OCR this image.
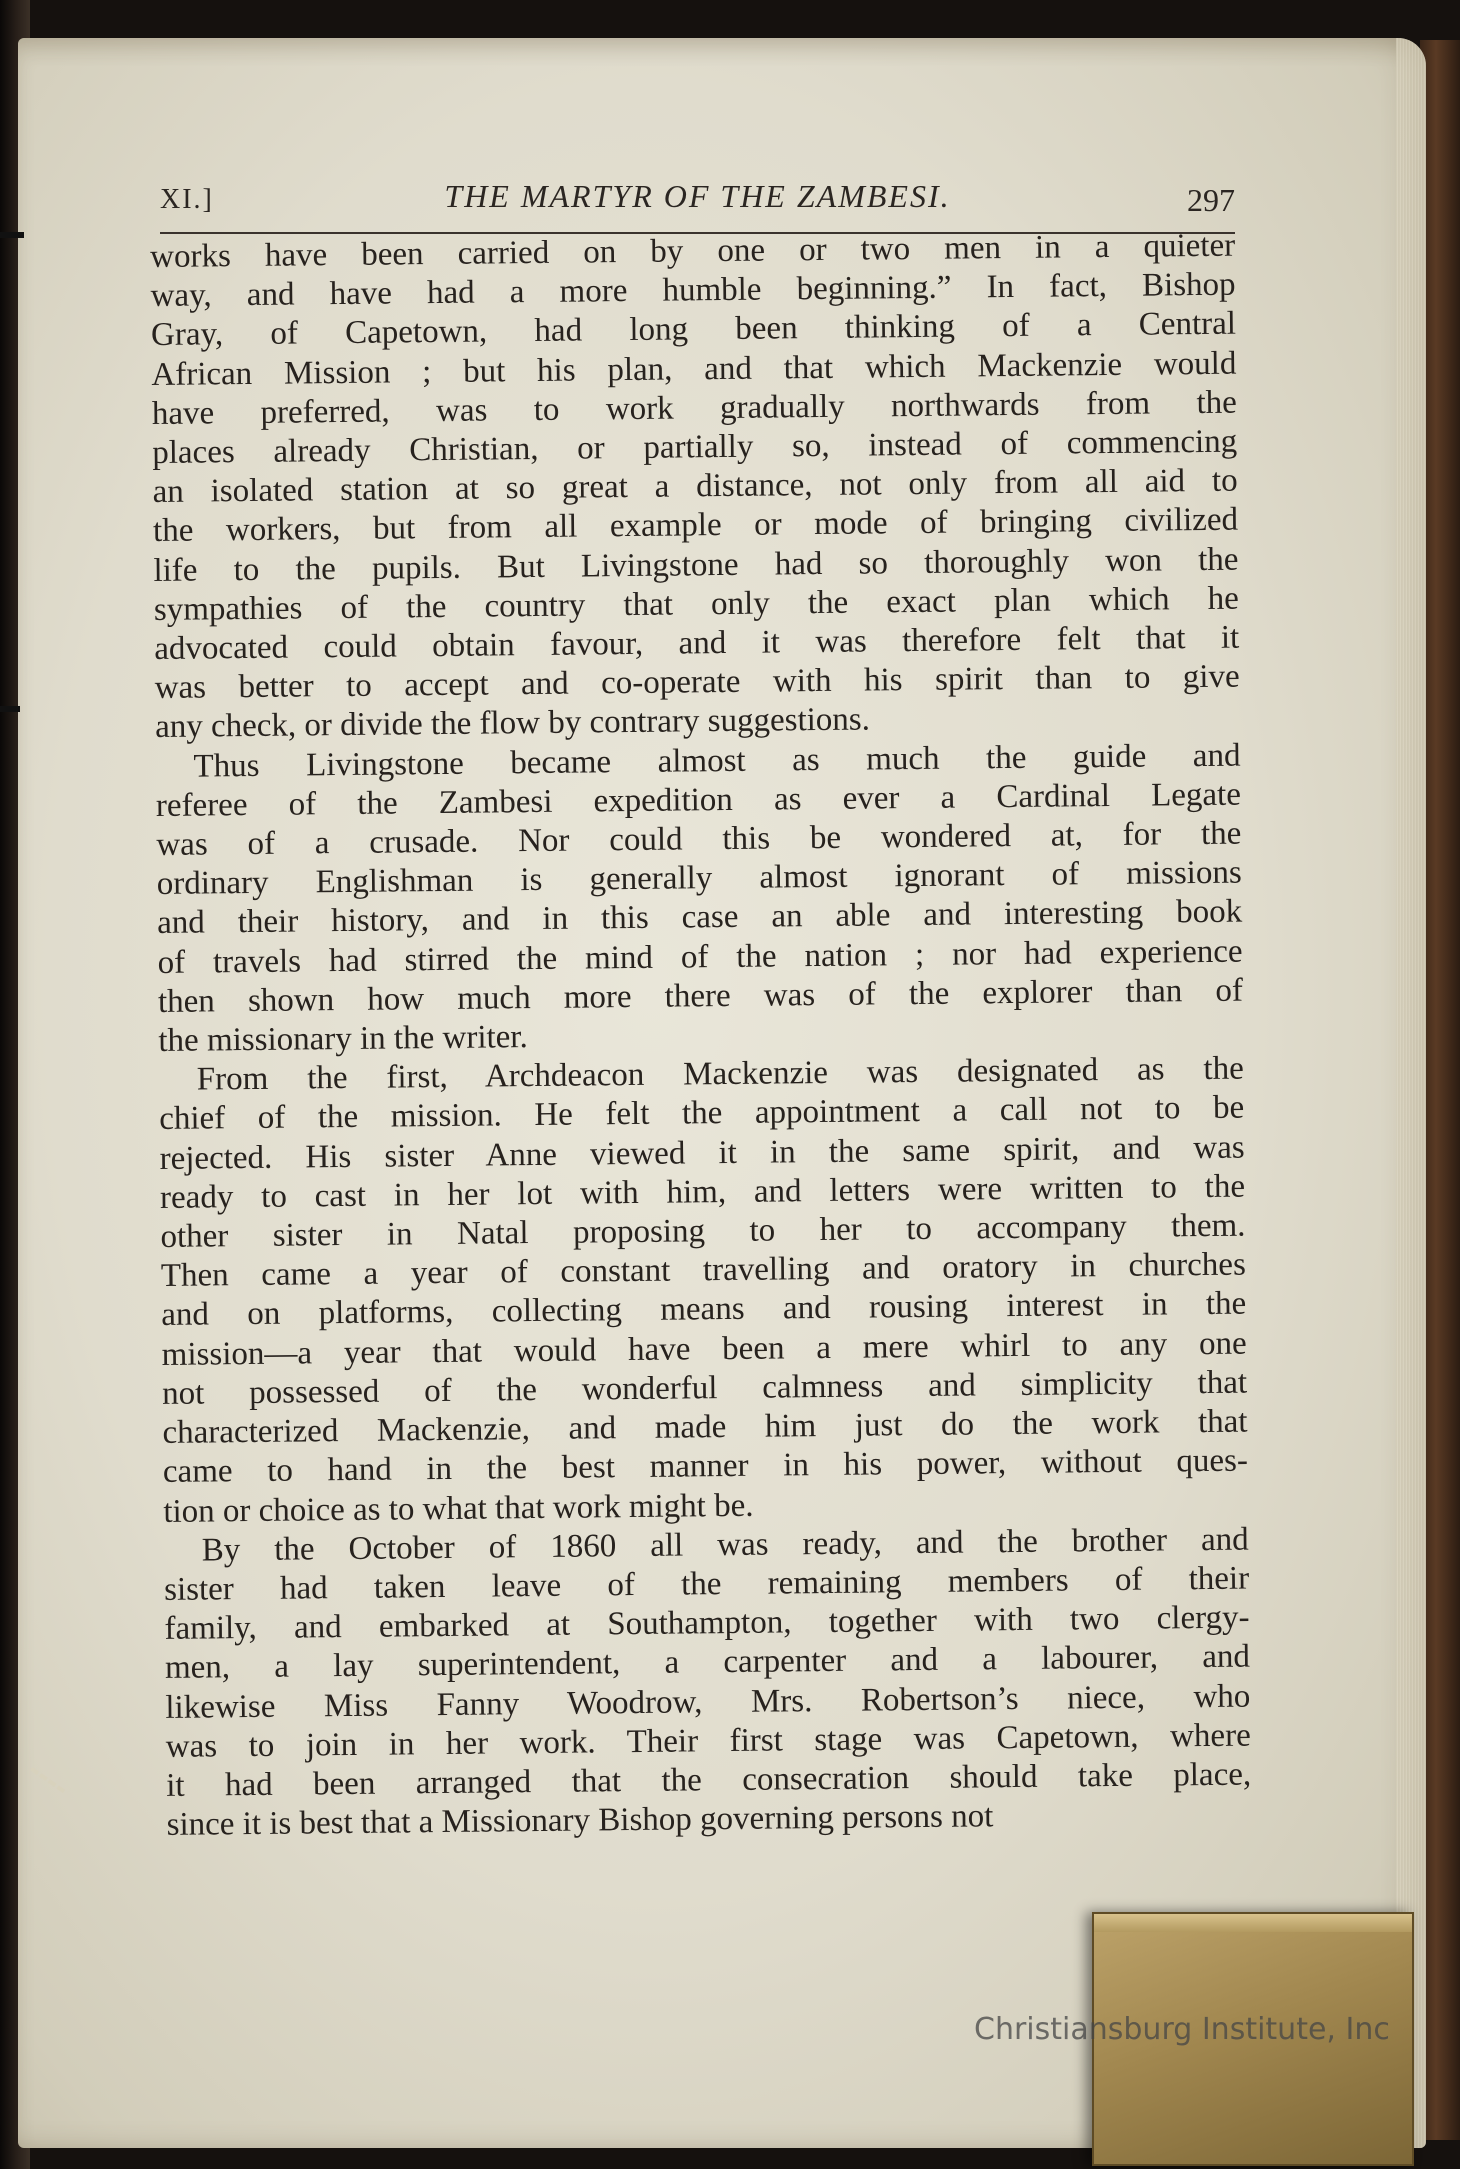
XI.]	THE MARTYR OF THE ZAMBESI.	297

works have been carried on by one or two men in a quieter
way, and have had a more humble beginning.” In fact, Bishop
Gray, of Capetown, had long been thinking of a Central
African Mission ; but his plan, and that which Mackenzie would
have preferred, was to work gradually northwards from the
places already Christian, or partially so, instead of commencing
an isolated station at so great a distance, not only from all aid to
the workers, but from all example or mode of bringing civilized
life to the pupils. But Livingstone had so thoroughly won the
sympathies of the country that only the exact plan which he
advocated could obtain favour, and it was therefore felt that it
was better to accept and co-operate with his spirit than to give
any check, or divide the flow by contrary suggestions.

Thus Livingstone became almost as much the guide and
referee of the Zambesi expedition as ever a Cardinal Legate
was of a crusade. Nor could this be wondered at, for the
ordinary Englishman is generally almost ignorant of missions
and their history, and in this case an able and interesting book
of travels had stirred the mind of the nation ; nor had experience
then shown how much more there was of the explorer than of
the missionary in the writer.

From the first, Archdeacon Mackenzie was designated as the
chief of the mission. He felt the appointment a call not to be
rejected. His sister Anne viewed it in the same spirit, and was
ready to cast in her lot with him, and letters were written to the
other sister in Natal proposing to her to accompany them.
Then came a year of constant travelling and oratory in churches
and on platforms, collecting means and rousing interest in the
mission—a year that would have been a mere whirl to any one
not possessed of the wonderful calmness and simplicity that
characterized Mackenzie, and made him just do the work that
came to hand in the best manner in his power, without ques-
tion or choice as to what that work might be.

By the October of 1860 all was ready, and the brother and
sister had taken leave of the remaining members of their
family, and embarked at Southampton, together with two clergy-
men, a lay superintendent, a carpenter and a labourer, and
likewise Miss Fanny Woodrow, Mrs. Robertson’s niece, who
was to join in her work. Their first stage was Capetown, where
it had been arranged that the consecration should take place,
since it is best that a Missionary Bishop governing persons not

Christiansburg Institute, Inc
